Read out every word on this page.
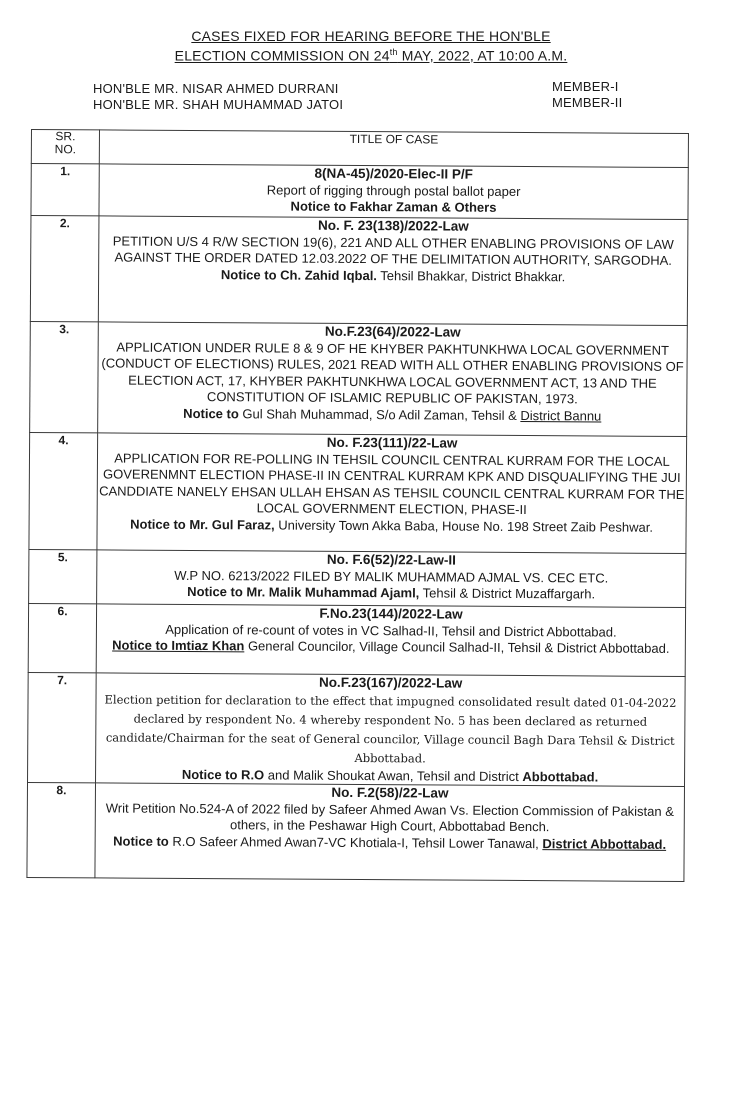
CASES FIXED FOR HEARING BEFORE THE HON'BLE
ELECTION COMMISSION ON 24th MAY, 2022, AT 10:00 A.M.
HON'BLE MR. NISAR AHMED DURRANI
HON'BLE MR. SHAH MUHAMMAD JATOI
MEMBER-I
MEMBER-II
SR.
NO.	TITLE OF CASE
1.	8(NA-45)/2020-Elec-II P/F
Report of rigging through postal ballot paper
Notice to Fakhar Zaman & Others

2.	No. F. 23(138)/2022-Law
PETITION U/S 4 R/W SECTION 19(6), 221 AND ALL OTHER ENABLING PROVISIONS OF LAW AGAINST THE ORDER DATED 12.03.2022 OF THE DELIMITATION AUTHORITY, SARGODHA.
Notice to Ch. Zahid Iqbal. Tehsil Bhakkar, District Bhakkar.

3.	No.F.23(64)/2022-Law
APPLICATION UNDER RULE 8 & 9 OF HE KHYBER PAKHTUNKHWA LOCAL GOVERNMENT (CONDUCT OF ELECTIONS) RULES, 2021 READ WITH ALL OTHER ENABLING PROVISIONS OF ELECTION ACT, 17, KHYBER PAKHTUNKHWA LOCAL GOVERNMENT ACT, 13 AND THE CONSTITUTION OF ISLAMIC REPUBLIC OF PAKISTAN, 1973.
Notice to Gul Shah Muhammad, S/o Adil Zaman, Tehsil & District Bannu

4.	No. F.23(111)/22-Law
APPLICATION FOR RE-POLLING IN TEHSIL COUNCIL CENTRAL KURRAM FOR THE LOCAL GOVERENMNT ELECTION PHASE-II IN CENTRAL KURRAM KPK AND DISQUALIFYING THE JUI CANDDIATE NANELY EHSAN ULLAH EHSAN AS TEHSIL COUNCIL CENTRAL KURRAM FOR THE LOCAL GOVERNMENT ELECTION, PHASE-II
Notice to Mr. Gul Faraz, University Town Akka Baba, House No. 198 Street Zaib Peshwar.

5.	No. F.6(52)/22-Law-II
W.P NO. 6213/2022 FILED BY MALIK MUHAMMAD AJMAL VS. CEC ETC.
Notice to Mr. Malik Muhammad Ajaml, Tehsil & District Muzaffargarh.

6.	F.No.23(144)/2022-Law
Application of re-count of votes in VC Salhad-II, Tehsil and District Abbottabad.
Notice to Imtiaz Khan General Councilor, Village Council Salhad-II, Tehsil & District Abbottabad.

7.	No.F.23(167)/2022-Law
Election petition for declaration to the effect that impugned consolidated result dated 01-04-2022 declared by respondent No. 4 whereby respondent No. 5 has been declared as returned candidate/Chairman for the seat of General councilor, Village council Bagh Dara Tehsil & District Abbottabad.
Notice to R.O and Malik Shoukat Awan, Tehsil and District Abbottabad.

8.	No. F.2(58)/22-Law
Writ Petition No.524-A of 2022 filed by Safeer Ahmed Awan Vs. Election Commission of Pakistan & others, in the Peshawar High Court, Abbottabad Bench.
Notice to R.O Safeer Ahmed Awan7-VC Khotiala-I, Tehsil Lower Tanawal, District Abbottabad.
